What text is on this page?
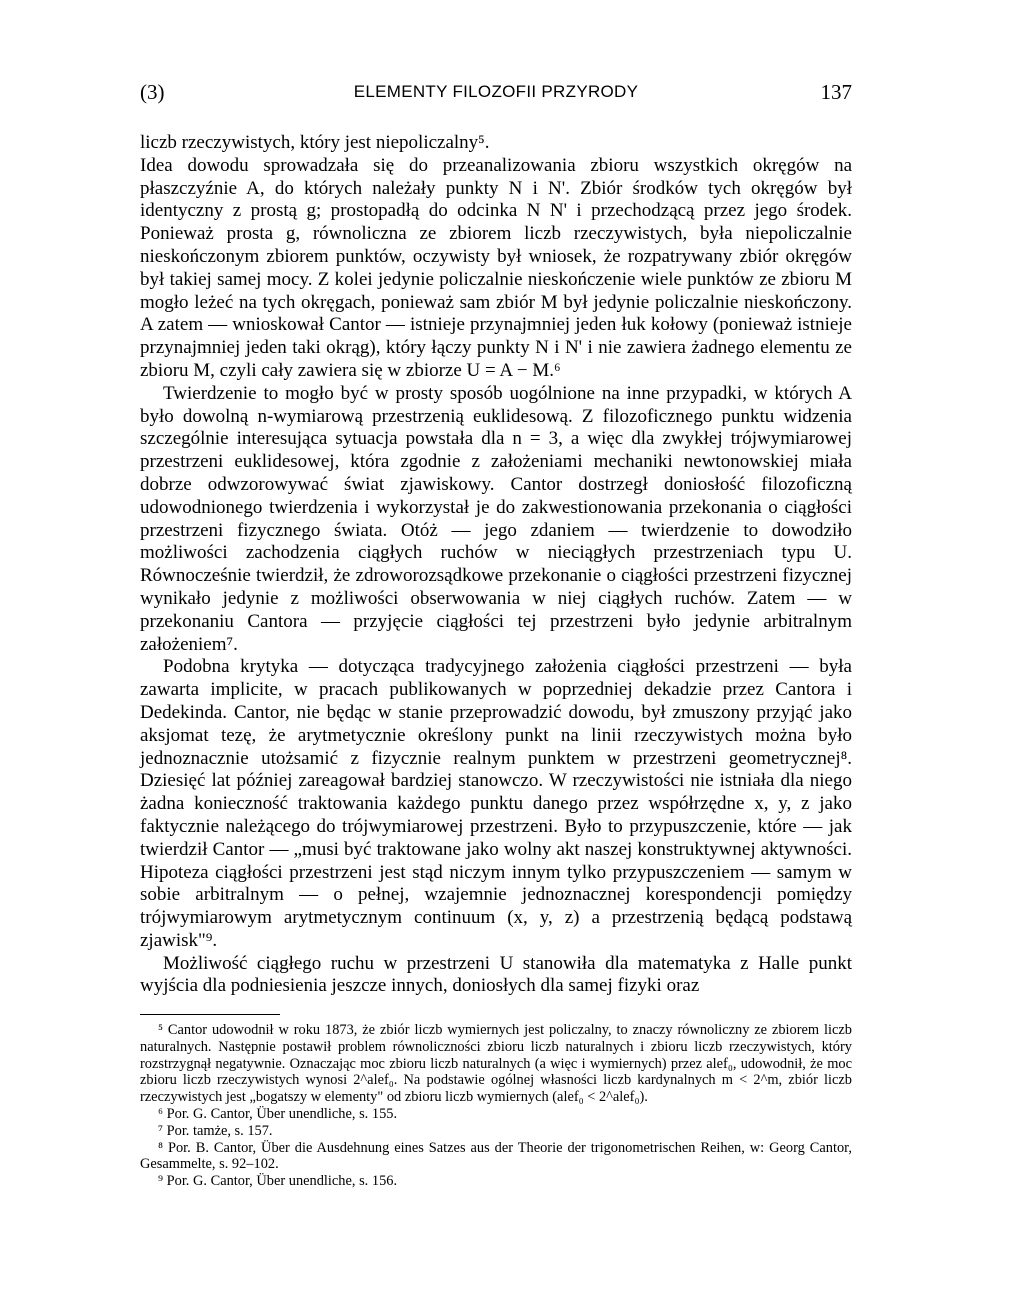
(3)	ELEMENTY FILOZOFII PRZYRODY	137

liczb rzeczywistych, który jest niepoliczalny⁵.

Idea dowodu sprowadzała się do przeanalizowania zbioru wszystkich okręgów na płaszczyźnie A, do których należały punkty N i N'. Zbiór środków tych okręgów był identyczny z prostą g; prostopadłą do odcinka N N' i przechodzącą przez jego środek. Ponieważ prosta g, równoliczna ze zbiorem liczb rzeczywistych, była niepoliczalnie nieskończonym zbiorem punktów, oczywisty był wniosek, że rozpatrywany zbiór okręgów był takiej samej mocy. Z kolei jedynie policzalnie nieskończenie wiele punktów ze zbioru M mogło leżeć na tych okręgach, ponieważ sam zbiór M był jedynie policzalnie nieskończony. A zatem — wnioskował Cantor — istnieje przynajmniej jeden łuk kołowy (ponieważ istnieje przynajmniej jeden taki okrąg), który łączy punkty N i N' i nie zawiera żadnego elementu ze zbioru M, czyli cały zawiera się w zbiorze U = A − M.⁶

Twierdzenie to mogło być w prosty sposób uogólnione na inne przypadki, w których A było dowolną n-wymiarową przestrzenią euklidesową. Z filozoficznego punktu widzenia szczególnie interesująca sytuacja powstała dla n = 3, a więc dla zwykłej trójwymiarowej przestrzeni euklidesowej, która zgodnie z założeniami mechaniki newtonowskiej miała dobrze odwzorowywać świat zjawiskowy. Cantor dostrzegł doniosłość filozoficzną udowodnionego twierdzenia i wykorzystał je do zakwestionowania przekonania o ciągłości przestrzeni fizycznego świata. Otóż — jego zdaniem — twierdzenie to dowodziło możliwości zachodzenia ciągłych ruchów w nieciągłych przestrzeniach typu U. Równocześnie twierdził, że zdroworozsądkowe przekonanie o ciągłości przestrzeni fizycznej wynikało jedynie z możliwości obserwowania w niej ciągłych ruchów. Zatem — w przekonaniu Cantora — przyjęcie ciągłości tej przestrzeni było jedynie arbitralnym założeniem⁷.

Podobna krytyka — dotycząca tradycyjnego założenia ciągłości przestrzeni — była zawarta implicite, w pracach publikowanych w poprzedniej dekadzie przez Cantora i Dedekinda. Cantor, nie będąc w stanie przeprowadzić dowodu, był zmuszony przyjąć jako aksjomat tezę, że arytmetycznie określony punkt na linii rzeczywistych można było jednoznacznie utożsamić z fizycznie realnym punktem w przestrzeni geometrycznej⁸. Dziesięć lat później zareagował bardziej stanowczo. W rzeczywistości nie istniała dla niego żadna konieczność traktowania każdego punktu danego przez współrzędne x, y, z jako faktycznie należącego do trójwymiarowej przestrzeni. Było to przypuszczenie, które — jak twierdził Cantor — „musi być traktowane jako wolny akt naszej konstruktywnej aktywności. Hipoteza ciągłości przestrzeni jest stąd niczym innym tylko przypuszczeniem — samym w sobie arbitralnym — o pełnej, wzajemnie jednoznacznej korespondencji pomiędzy trójwymiarowym arytmetycznym continuum (x, y, z) a przestrzenią będącą podstawą zjawisk"⁹.

Możliwość ciągłego ruchu w przestrzeni U stanowiła dla matematyka z Halle punkt wyjścia dla podniesienia jeszcze innych, doniosłych dla samej fizyki oraz

⁵ Cantor udowodnił w roku 1873, że zbiór liczb wymiernych jest policzalny, to znaczy równoliczny ze zbiorem liczb naturalnych. Następnie postawił problem równoliczności zbioru liczb naturalnych i zbioru liczb rzeczywistych, który rozstrzygnął negatywnie. Oznaczając moc zbioru liczb naturalnych (a więc i wymiernych) przez alef₀, udowodnił, że moc zbioru liczb rzeczywistych wynosi 2^alef₀. Na podstawie ogólnej własności liczb kardynalnych m < 2^m, zbiór liczb rzeczywistych jest „bogatszy w elementy" od zbioru liczb wymiernych (alef₀ < 2^alef₀).

⁶ Por. G. Cantor, Über unendliche, s. 155.

⁷ Por. tamże, s. 157.

⁸ Por. B. Cantor, Über die Ausdehnung eines Satzes aus der Theorie der trigonometrischen Reihen, w: Georg Cantor, Gesammelte, s. 92–102.

⁹ Por. G. Cantor, Über unendliche, s. 156.
